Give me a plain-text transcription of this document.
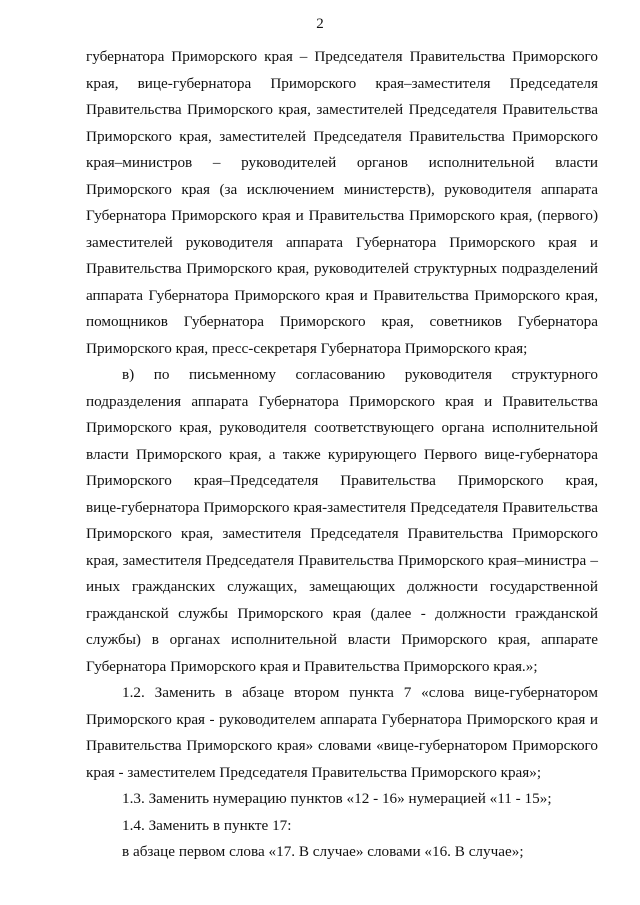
2
губернатора Приморского края – Председателя Правительства Приморского
края, вице-губернатора Приморского края–заместителя Председателя
Правительства Приморского края, заместителей Председателя Правительства
Приморского края, заместителей Председателя Правительства Приморского
края–министров – руководителей органов исполнительной власти
Приморского края (за исключением министерств), руководителя аппарата
Губернатора Приморского края и Правительства Приморского края, (первого)
заместителей руководителя аппарата Губернатора Приморского края и
Правительства Приморского края, руководителей структурных подразделений
аппарата Губернатора Приморского края и Правительства Приморского края,
помощников Губернатора Приморского края, советников Губернатора
Приморского края, пресс-секретаря Губернатора Приморского края;
в) по письменному согласованию руководителя структурного
подразделения аппарата Губернатора Приморского края и Правительства
Приморского края, руководителя соответствующего органа исполнительной
власти Приморского края, а также курирующего Первого вице-губернатора
Приморского края–Председателя Правительства Приморского края,
вице-губернатора Приморского края-заместителя Председателя Правительства
Приморского края, заместителя Председателя Правительства Приморского
края, заместителя Председателя Правительства Приморского края–министра –
иных гражданских служащих, замещающих должности государственной
гражданской службы Приморского края (далее - должности гражданской
службы) в органах исполнительной власти Приморского края, аппарате
Губернатора Приморского края и Правительства Приморского края.»;
1.2. Заменить в абзаце втором пункта 7 «слова вице-губернатором
Приморского края - руководителем аппарата Губернатора Приморского края и
Правительства Приморского края» словами «вице-губернатором Приморского
края - заместителем Председателя Правительства Приморского края»;
1.3. Заменить нумерацию пунктов «12 - 16» нумерацией «11 - 15»;
1.4. Заменить в пункте 17:
в абзаце первом слова «17. В случае» словами «16. В случае»;
